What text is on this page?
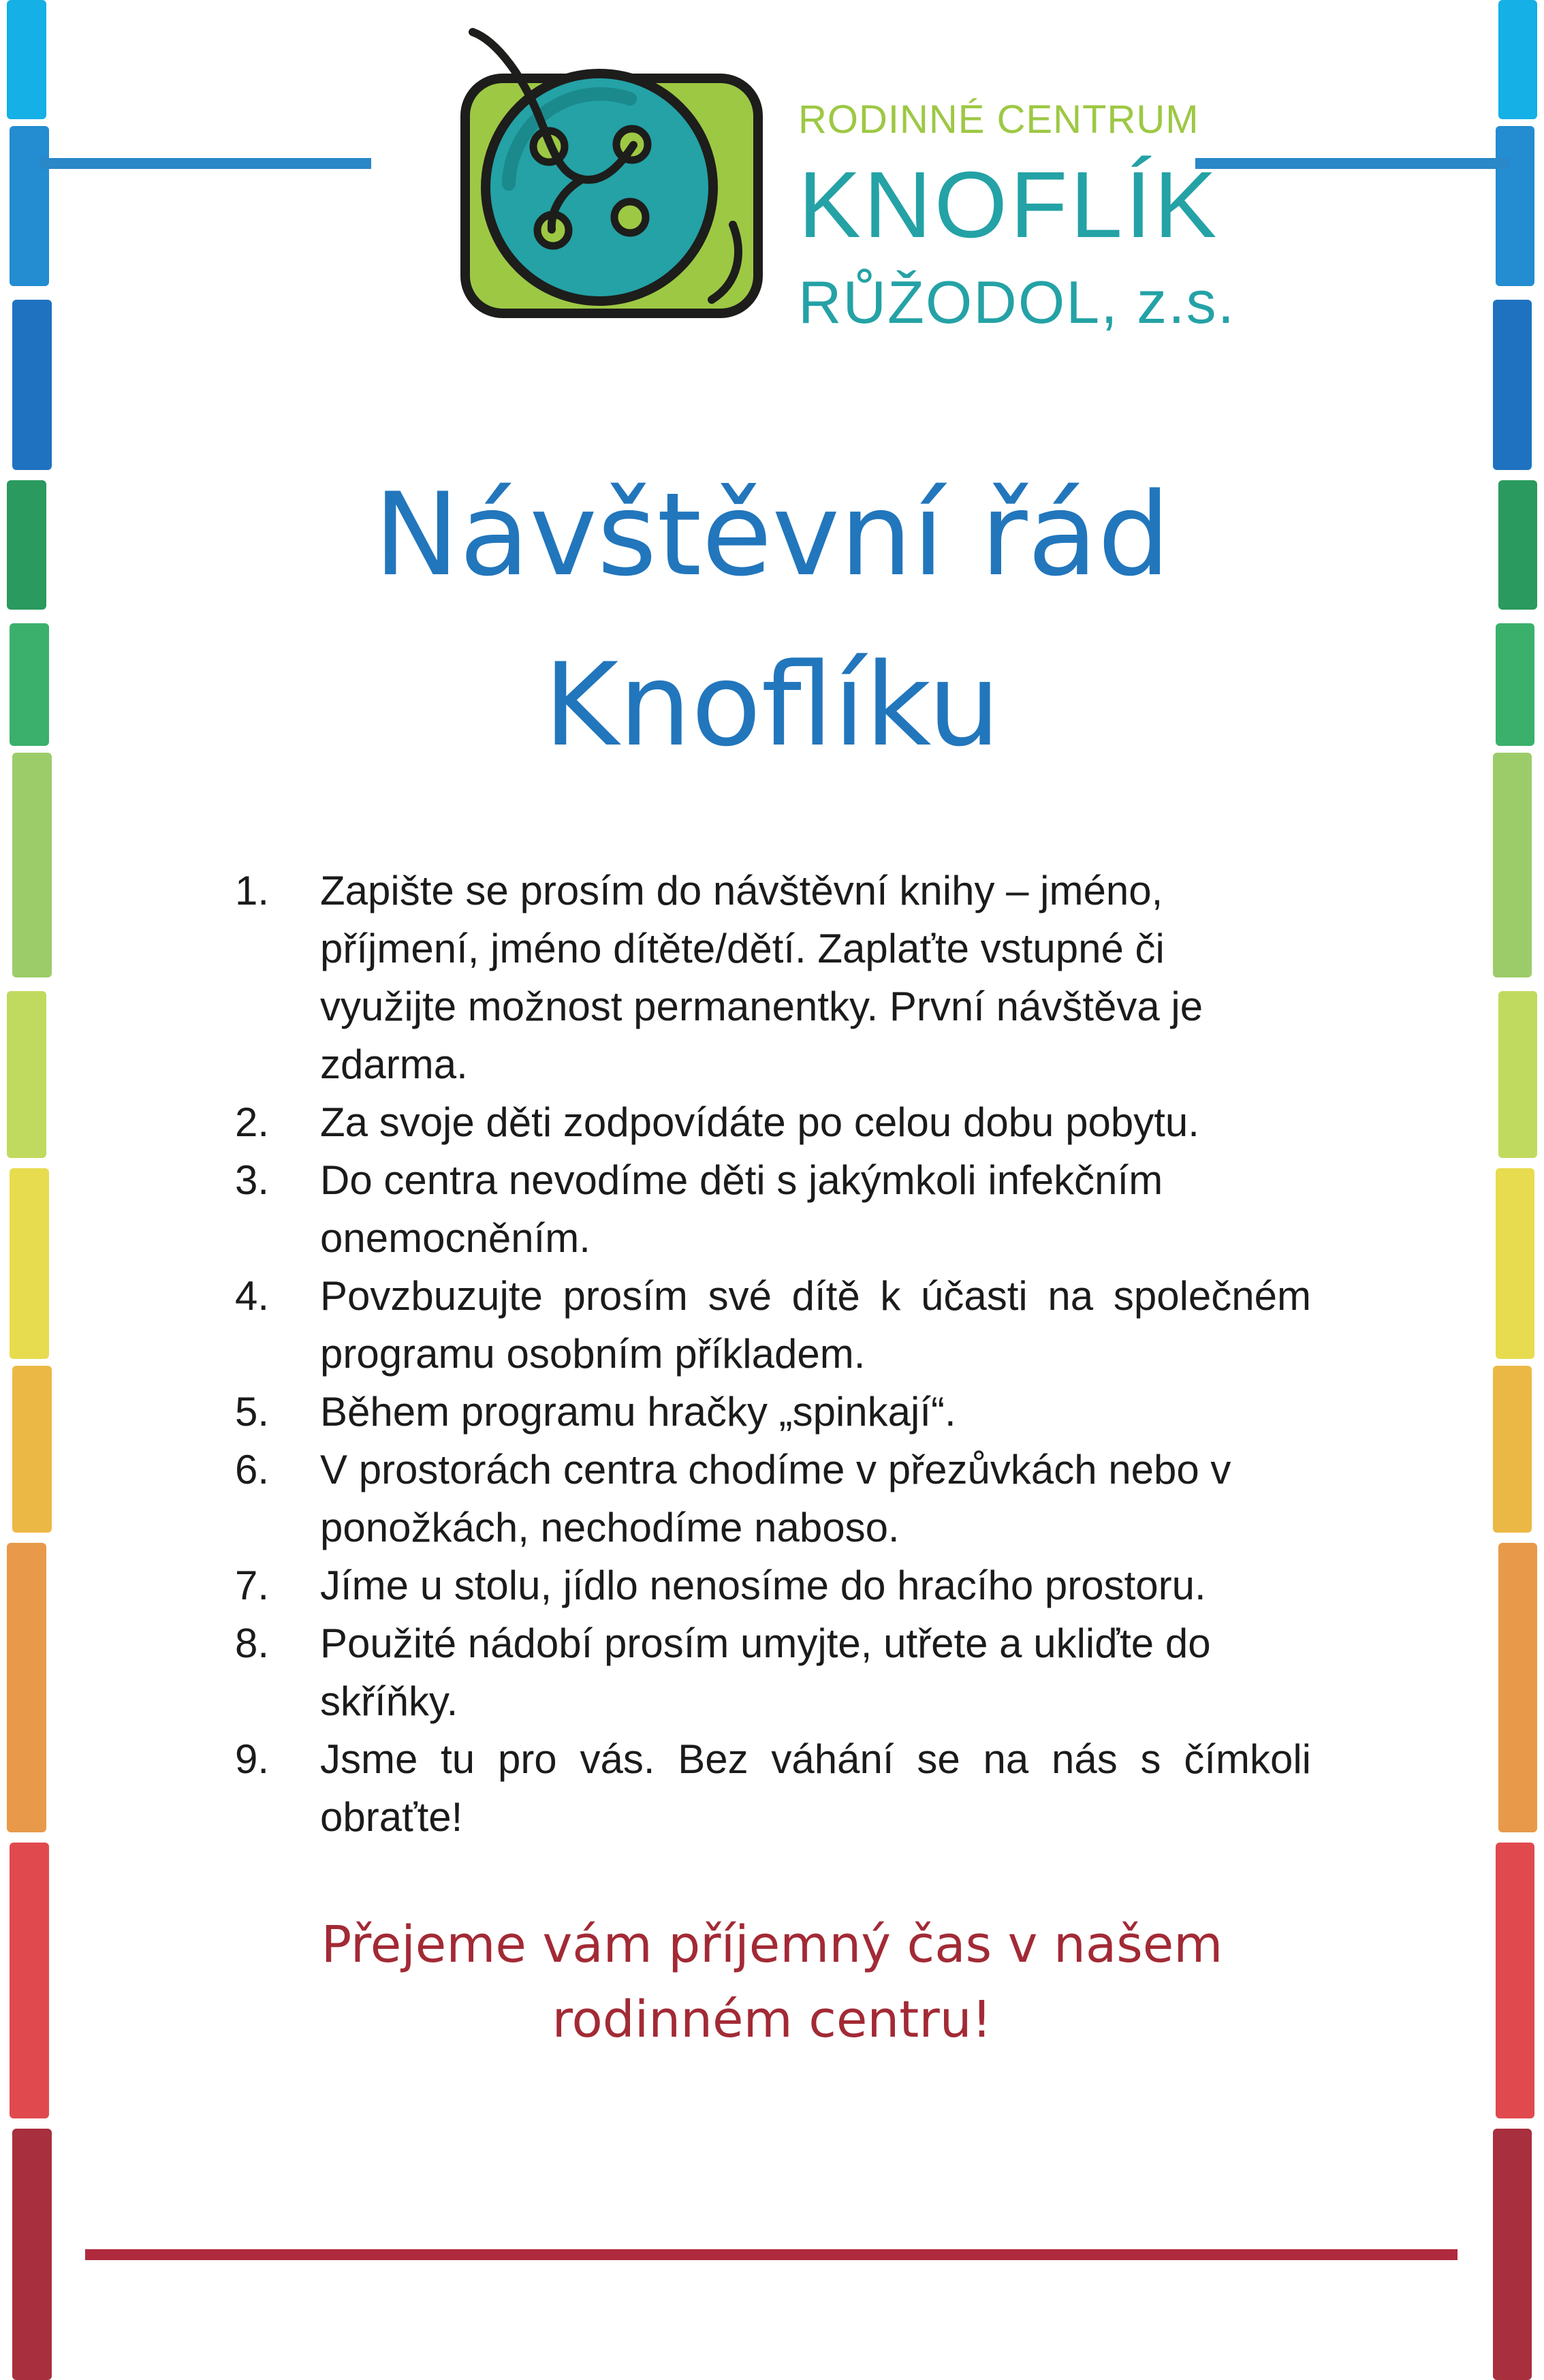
RODINNÉ CENTRUM

KNOFLÍK

RŮŽODOL, z.s.

Návštěvní řád
Knoflíku
1. Zapište se prosím do návštěvní knihy – jméno, příjmení, jméno dítěte/dětí. Zaplaťte vstupné či využijte možnost permanentky. První návštěva je zdarma.
2. Za svoje děti zodpovídáte po celou dobu pobytu.
3. Do centra nevodíme děti s jakýmkoli infekčním onemocněním.
4. Povzbuzujte prosím své dítě k účasti na společném programu osobním příkladem.
5. Během programu hračky „spinkají“.
6. V prostorách centra chodíme v přezůvkách nebo v ponožkách, nechodíme naboso.
7. Jíme u stolu, jídlo nenosíme do hracího prostoru.
8. Použité nádobí prosím umyjte, utřete a ukliďte do skříňky.
9. Jsme tu pro vás. Bez váhání se na nás s čímkoli obraťte!

Přejeme vám příjemný čas v našem
rodinném centru!
